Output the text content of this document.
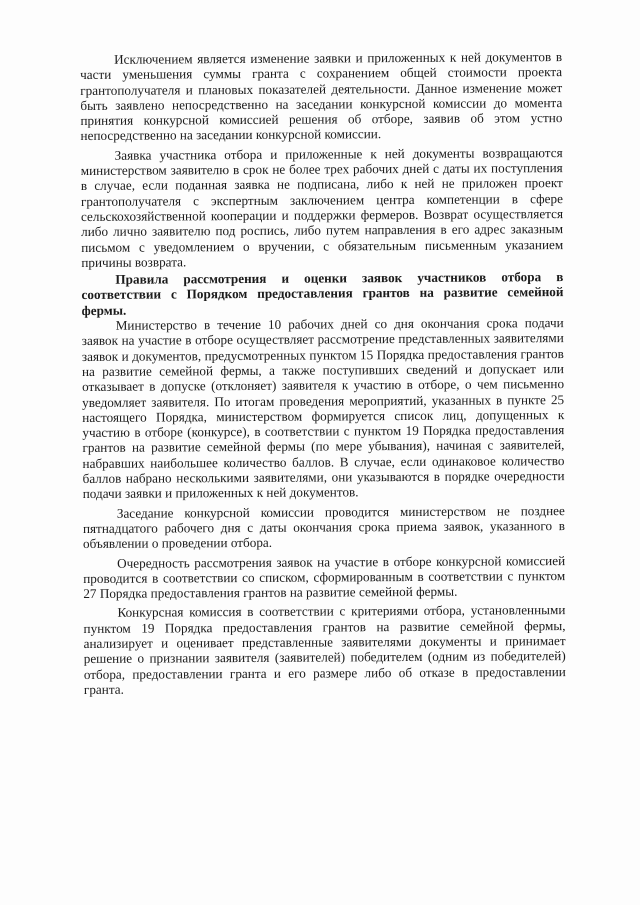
Исключением является изменение заявки и приложенных к ней документов в части уменьшения суммы гранта с сохранением общей стоимости проекта грантополучателя и плановых показателей деятельности. Данное изменение может быть заявлено непосредственно на заседании конкурсной комиссии до момента принятия конкурсной комиссией решения об отборе, заявив об этом устно непосредственно на заседании конкурсной комиссии.

Заявка участника отбора и приложенные к ней документы возвращаются министерством заявителю в срок не более трех рабочих дней с даты их поступления в случае, если поданная заявка не подписана, либо к ней не приложен проект грантополучателя с экспертным заключением центра компетенции в сфере сельскохозяйственной кооперации и поддержки фермеров. Возврат осуществляется либо лично заявителю под роспись, либо путем направления в его адрес заказным письмом с уведомлением о вручении, с обязательным письменным указанием причины возврата.

Правила рассмотрения и оценки заявок участников отбора в соответствии с Порядком предоставления грантов на развитие семейной фермы.

Министерство в течение 10 рабочих дней со дня окончания срока подачи заявок на участие в отборе осуществляет рассмотрение представленных заявителями заявок и документов, предусмотренных пунктом 15 Порядка предоставления грантов на развитие семейной фермы, а также поступивших сведений и допускает или отказывает в допуске (отклоняет) заявителя к участию в отборе, о чем письменно уведомляет заявителя. По итогам проведения мероприятий, указанных в пункте 25 настоящего Порядка, министерством формируется список лиц, допущенных к участию в отборе (конкурсе), в соответствии с пунктом 19 Порядка предоставления грантов на развитие семейной фермы (по мере убывания), начиная с заявителей, набравших наибольшее количество баллов. В случае, если одинаковое количество баллов набрано несколькими заявителями, они указываются в порядке очередности подачи заявки и приложенных к ней документов.

Заседание конкурсной комиссии проводится министерством не позднее пятнадцатого рабочего дня с даты окончания срока приема заявок, указанного в объявлении о проведении отбора.

Очередность рассмотрения заявок на участие в отборе конкурсной комиссией проводится в соответствии со списком, сформированным в соответствии с пунктом 27 Порядка предоставления грантов на развитие семейной фермы.

Конкурсная комиссия в соответствии с критериями отбора, установленными пунктом 19 Порядка предоставления грантов на развитие семейной фермы, анализирует и оценивает представленные заявителями документы и принимает решение о признании заявителя (заявителей) победителем (одним из победителей) отбора, предоставлении гранта и его размере либо об отказе в предоставлении гранта.
